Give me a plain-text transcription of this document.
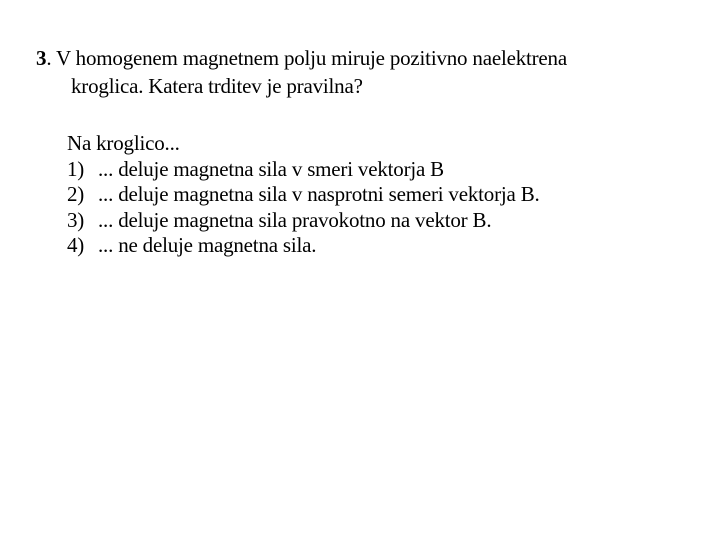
3. V homogenem magnetnem polju miruje pozitivno naelektrena
kroglica. Katera trditev je pravilna?
Na kroglico...
1) ... deluje magnetna sila v smeri vektorja B
2) ... deluje magnetna sila v nasprotni semeri vektorja B.
3) ... deluje magnetna sila pravokotno na vektor B.
4) ... ne deluje magnetna sila.
